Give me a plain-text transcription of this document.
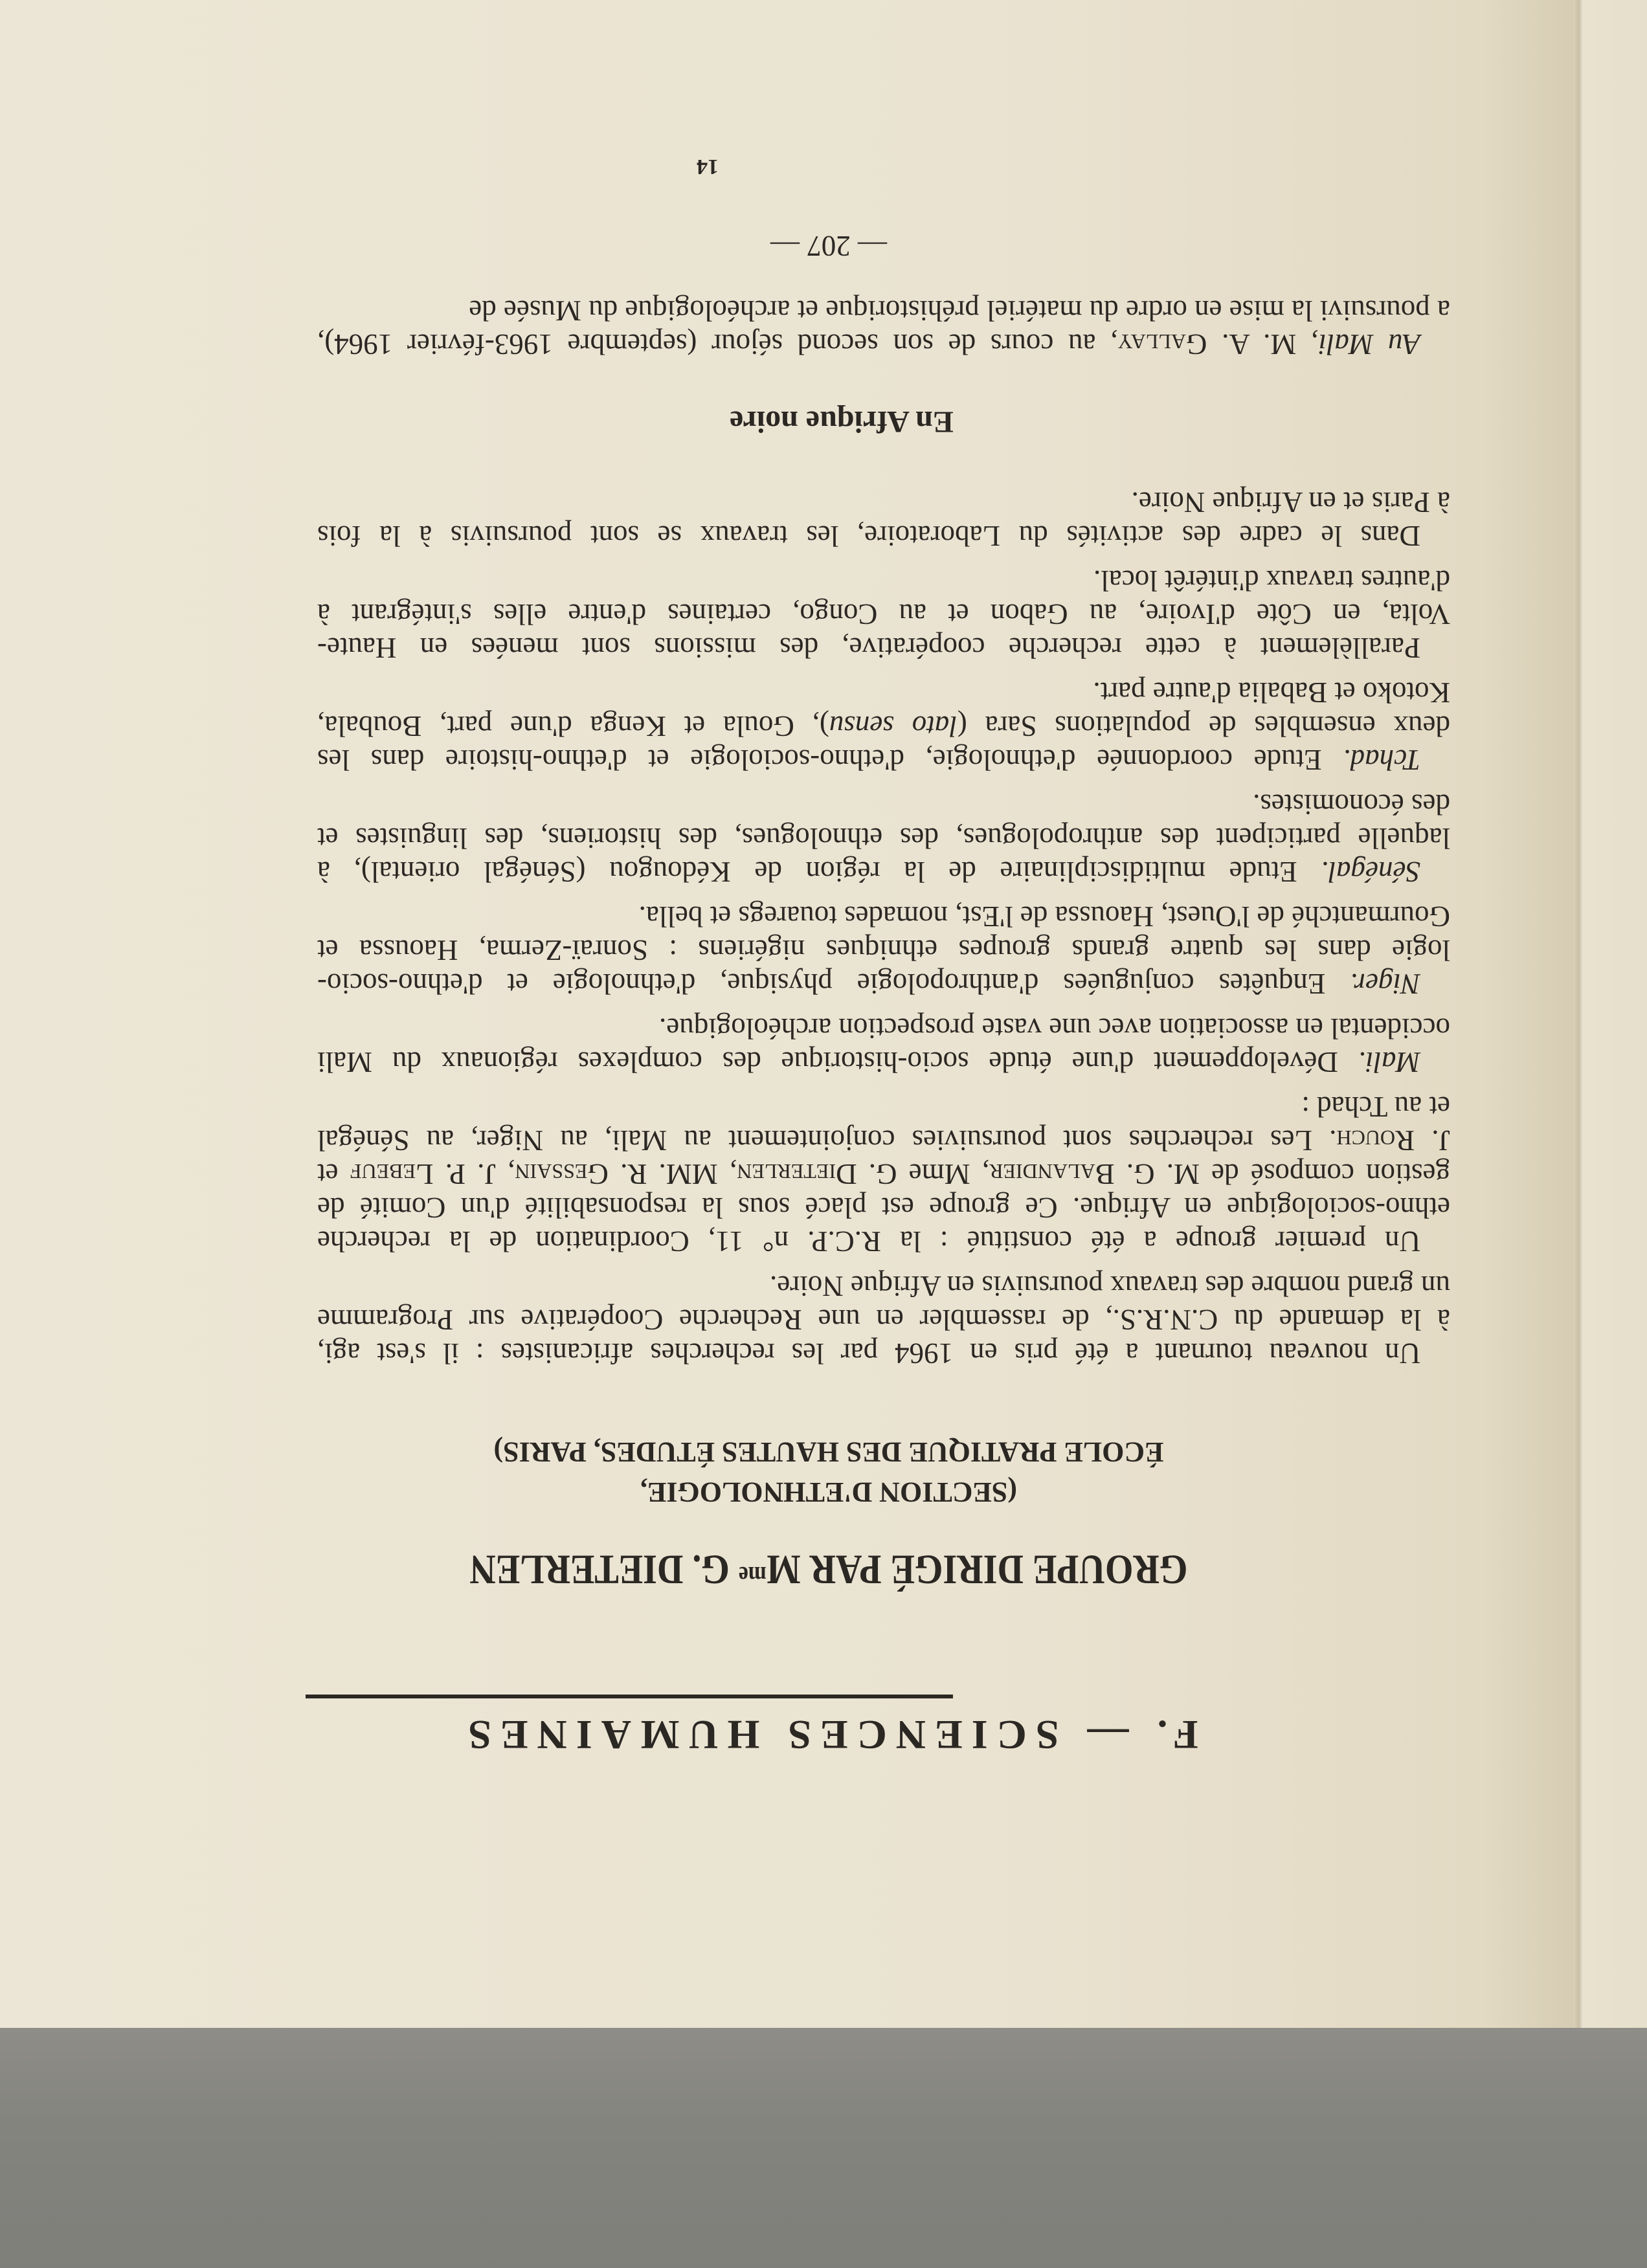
F. — SCIENCES HUMAINES
GROUPE DIRIGÉ PAR $M^{me}$ G. DIETERLEN
(SECTION D'ETHNOLOGIE,
ÉCOLE PRATIQUE DES HAUTES ÉTUDES, PARIS)
Un nouveau tournant a été pris en 1964 par les recherches africanistes : il s'est agi,
à la demande du C.N.R.S., de rassembler en une Recherche Coopérative sur Programme
un grand nombre des travaux poursuivis en Afrique Noire.
Un premier groupe a été constitué : la R.C.P. n° 11, Coordination de la recherche
ethno-sociologique en Afrique. Ce groupe est placé sous la responsabilité d'un Comité de
gestion composé de M. G. Balandier, Mme G. Dieterlen, MM. R. Gessain, J. P. Lebeuf et
J. Rouch. Les recherches sont poursuivies conjointement au Mali, au Niger, au Sénégal
et au Tchad :
Mali. Développement d'une étude socio-historique des complexes régionaux du Mali
occidental en association avec une vaste prospection archéologique.
Niger. Enquêtes conjuguées d'anthropologie physique, d'ethnologie et d'ethno-socio-
logie dans les quatre grands groupes ethniques nigériens : Sonraï-Zerma, Haoussa et
Gourmantché de l'Ouest, Haoussa de l'Est, nomades touaregs et bella.
Sénégal. Etude multidisciplinaire de la région de Kédougou (Sénégal oriental), à
laquelle participent des anthropologues, des ethnologues, des historiens, des linguistes et
des économistes.
Tchad. Etude coordonnée d'ethnologie, d'ethno-sociologie et d'ethno-histoire dans les
deux ensembles de populations Sara (lato sensu), Goula et Kenga d'une part, Boubala,
Kotoko et Babalia d'autre part.
Parallèlement à cette recherche coopérative, des missions sont menées en Haute-
Volta, en Côte d'Ivoire, au Gabon et au Congo, certaines d'entre elles s'intégrant à
d'autres travaux d'intérêt local.
Dans le cadre des activités du Laboratoire, les travaux se sont poursuivis à la fois
à Paris et en Afrique Noire.
En Afrique noire
Au Mali, M. A. Gallay, au cours de son second séjour (septembre 1963-février 1964),
a poursuivi la mise en ordre du matériel préhistorique et archéologique du Musée de
— 207 —
14
